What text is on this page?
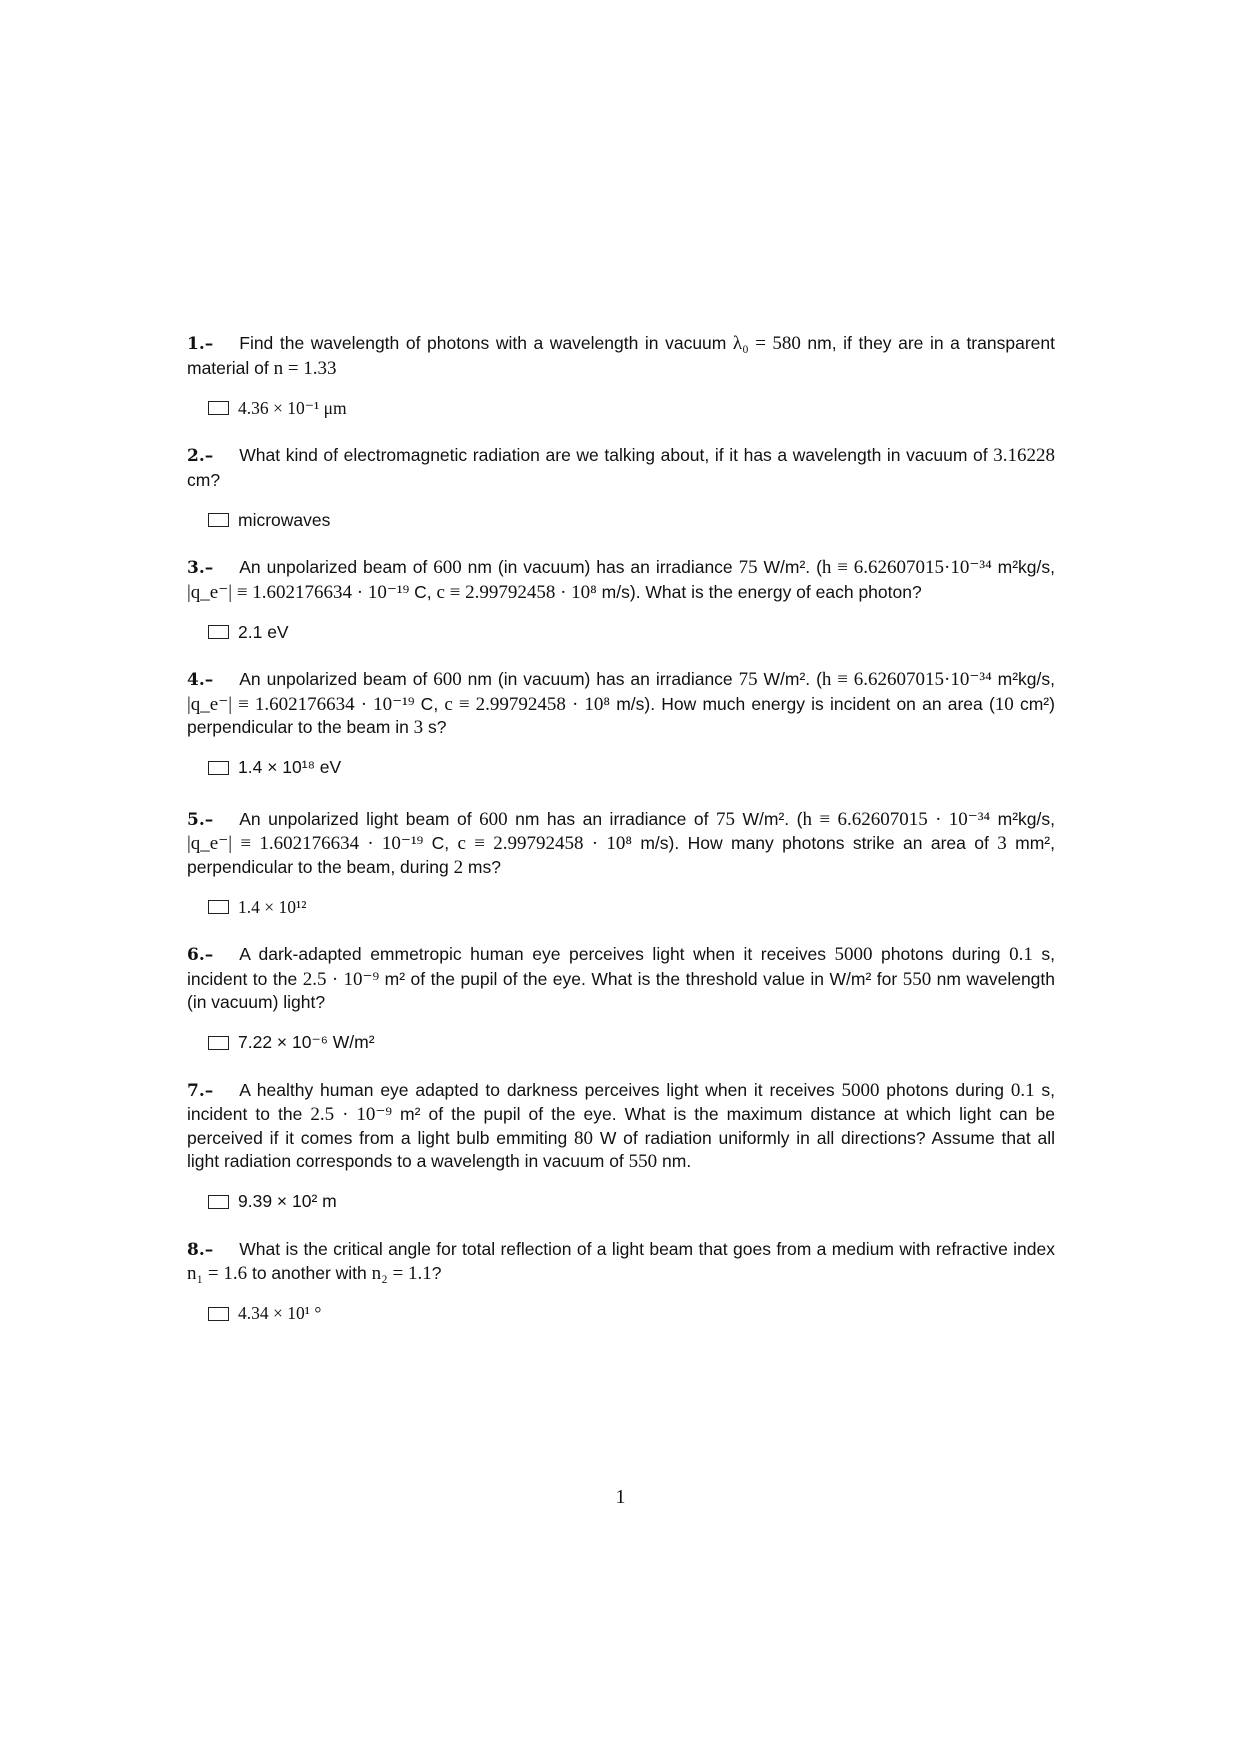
1.– Find the wavelength of photons with a wavelength in vacuum λ₀ = 580 nm, if they are in a transparent material of n = 1.33

4.36 × 10⁻¹ μm

2.– What kind of electromagnetic radiation are we talking about, if it has a wavelength in vacuum of 3.16228 cm?

microwaves

3.– An unpolarized beam of 600 nm (in vacuum) has an irradiance 75 W/m². (h ≡ 6.62607015·10⁻³⁴ m²kg/s, |q_e⁻| ≡ 1.602176634 · 10⁻¹⁹ C, c ≡ 2.99792458 · 10⁸ m/s). What is the energy of each photon?

2.1 eV

4.– An unpolarized beam of 600 nm (in vacuum) has an irradiance 75 W/m². (h ≡ 6.62607015·10⁻³⁴ m²kg/s, |q_e⁻| ≡ 1.602176634 · 10⁻¹⁹ C, c ≡ 2.99792458 · 10⁸ m/s). How much energy is incident on an area (10 cm²) perpendicular to the beam in 3 s?

1.4 × 10¹⁸ eV

5.– An unpolarized light beam of 600 nm has an irradiance of 75 W/m². (h ≡ 6.62607015 · 10⁻³⁴ m²kg/s, |q_e⁻| ≡ 1.602176634 · 10⁻¹⁹ C, c ≡ 2.99792458 · 10⁸ m/s). How many photons strike an area of 3 mm², perpendicular to the beam, during 2 ms?

1.4 × 10¹²

6.– A dark-adapted emmetropic human eye perceives light when it receives 5000 photons during 0.1 s, incident to the 2.5 · 10⁻⁹ m² of the pupil of the eye. What is the threshold value in W/m² for 550 nm wavelength (in vacuum) light?

7.22 × 10⁻⁶ W/m²

7.– A healthy human eye adapted to darkness perceives light when it receives 5000 photons during 0.1 s, incident to the 2.5 · 10⁻⁹ m² of the pupil of the eye. What is the maximum distance at which light can be perceived if it comes from a light bulb emmiting 80 W of radiation uniformly in all directions? Assume that all light radiation corresponds to a wavelength in vacuum of 550 nm.

9.39 × 10² m

8.– What is the critical angle for total reflection of a light beam that goes from a medium with refractive index n₁ = 1.6 to another with n₂ = 1.1?

4.34 × 10¹ °
1
